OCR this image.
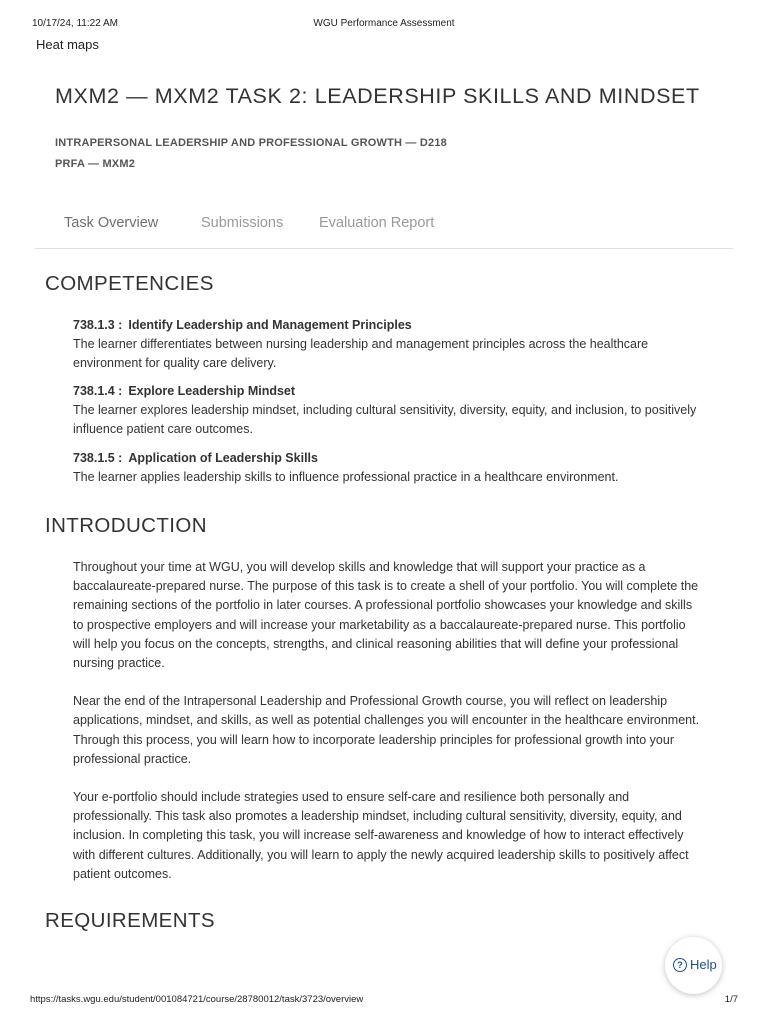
10/17/24, 11:22 AM	WGU Performance Assessment
Heat maps
MXM2 — MXM2 TASK 2: LEADERSHIP SKILLS AND MINDSET
INTRAPERSONAL LEADERSHIP AND PROFESSIONAL GROWTH — D218
PRFA — MXM2
Task Overview	Submissions Evaluation Report
COMPETENCIES
738.1.3 : Identify Leadership and Management Principles
The learner differentiates between nursing leadership and management principles across the healthcare environment for quality care delivery.
738.1.4 : Explore Leadership Mindset
The learner explores leadership mindset, including cultural sensitivity, diversity, equity, and inclusion, to positively influence patient care outcomes.
738.1.5 : Application of Leadership Skills
The learner applies leadership skills to influence professional practice in a healthcare environment.
INTRODUCTION

Throughout your time at WGU, you will develop skills and knowledge that will support your practice as a baccalaureate-prepared nurse. The purpose of this task is to create a shell of your portfolio. You will complete the remaining sections of the portfolio in later courses. A professional portfolio showcases your knowledge and skills to prospective employers and will increase your marketability as a baccalaureate-prepared nurse. This portfolio will help you focus on the concepts, strengths, and clinical reasoning abilities that will define your professional nursing practice.

Near the end of the Intrapersonal Leadership and Professional Growth course, you will reflect on leadership applications, mindset, and skills, as well as potential challenges you will encounter in the healthcare environment. Through this process, you will learn how to incorporate leadership principles for professional growth into your professional practice.

Your e-portfolio should include strategies used to ensure self-care and resilience both personally and professionally. This task also promotes a leadership mindset, including cultural sensitivity, diversity, equity, and inclusion. In completing this task, you will increase self-awareness and knowledge of how to interact effectively with different cultures. Additionally, you will learn to apply the newly acquired leadership skills to positively affect patient outcomes.

REQUIREMENTS
? Help
https://tasks.wgu.edu/student/001084721/course/28780012/task/3723/overview	1/7
